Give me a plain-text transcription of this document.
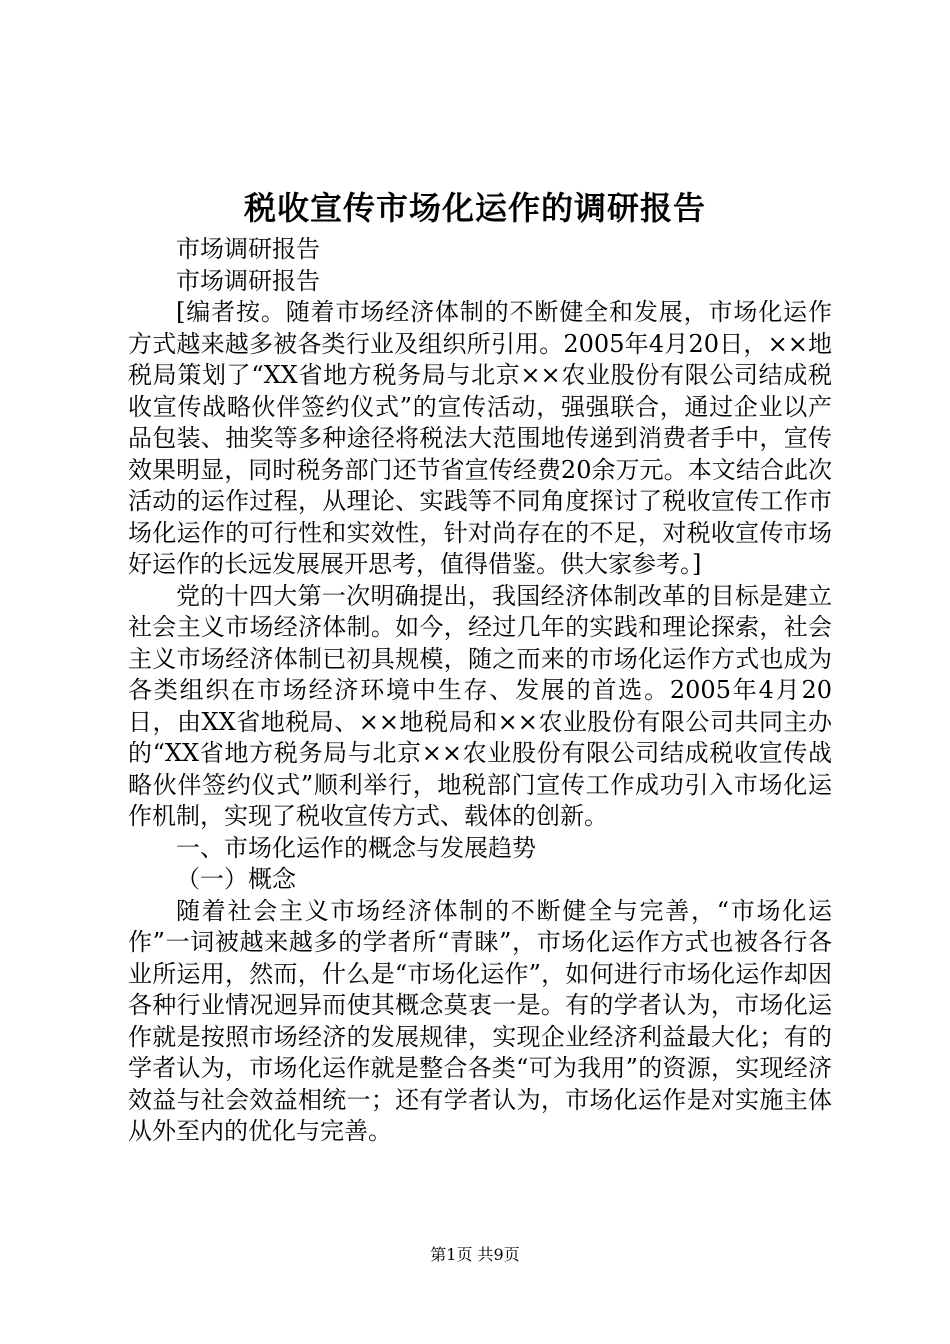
税收宣传市场化运作的调研报告

市场调研报告

市场调研报告

[编者按。随着市场经济体制的不断健全和发展，市场化运作方式越来越多被各类行业及组织所引用。2005年4月20日，××地税局策划了“XX省地方税务局与北京××农业股份有限公司结成税收宣传战略伙伴签约仪式”的宣传活动，强强联合，通过企业以产品包装、抽奖等多种途径将税法大范围地传递到消费者手中，宣传效果明显，同时税务部门还节省宣传经费20余万元。本文结合此次活动的运作过程，从理论、实践等不同角度探讨了税收宣传工作市场化运作的可行性和实效性，针对尚存在的不足，对税收宣传市场好运作的长远发展展开思考，值得借鉴。供大家参考。]

党的十四大第一次明确提出，我国经济体制改革的目标是建立社会主义市场经济体制。如今，经过几年的实践和理论探索，社会主义市场经济体制已初具规模，随之而来的市场化运作方式也成为各类组织在市场经济环境中生存、发展的首选。2005年4月20日，由XX省地税局、××地税局和××农业股份有限公司共同主办的“XX省地方税务局与北京××农业股份有限公司结成税收宣传战略伙伴签约仪式”顺利举行，地税部门宣传工作成功引入市场化运作机制，实现了税收宣传方式、载体的创新。

一、市场化运作的概念与发展趋势

（一）概念

随着社会主义市场经济体制的不断健全与完善，“市场化运作”一词被越来越多的学者所“青睐”，市场化运作方式也被各行各业所运用，然而，什么是“市场化运作”，如何进行市场化运作却因各种行业情况迥异而使其概念莫衷一是。有的学者认为，市场化运作就是按照市场经济的发展规律，实现企业经济利益最大化；有的学者认为，市场化运作就是整合各类“可为我用”的资源，实现经济效益与社会效益相统一；还有学者认为，市场化运作是对实施主体从外至内的优化与完善。

第1页 共9页
